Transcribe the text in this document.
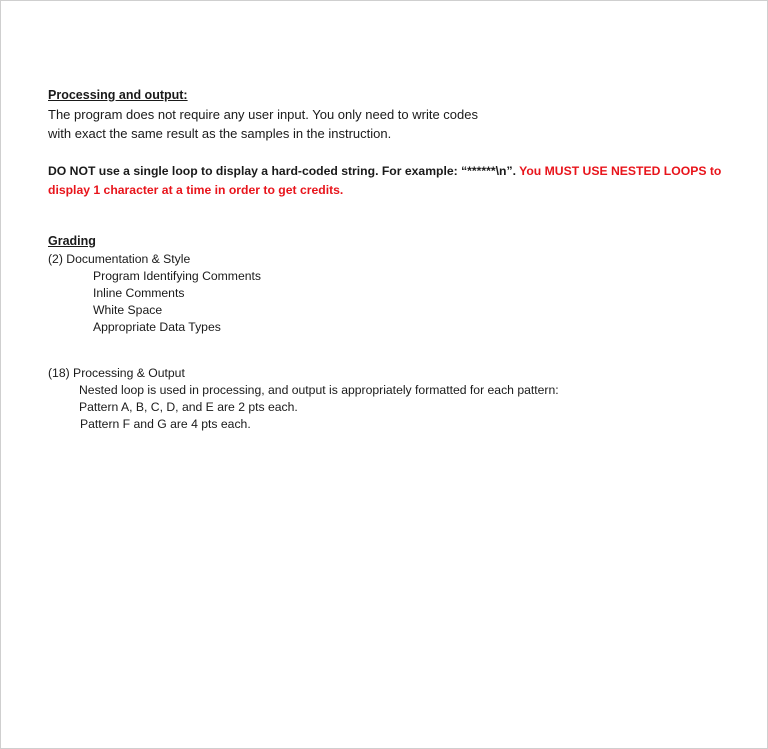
Processing and output:
The program does not require any user input. You only need to write codes
with exact the same result as the samples in the instruction.
DO NOT use a single loop to display a hard-coded string. For example: “******\n”. You MUST USE NESTED LOOPS to
display 1 character at a time in order to get credits.
Grading
(2) Documentation & Style
Program Identifying Comments
Inline Comments
White Space
Appropriate Data Types
(18) Processing & Output
Nested loop is used in processing, and output is appropriately formatted for each pattern:
Pattern A, B, C, D, and E are 2 pts each.
Pattern F and G are 4 pts each.
